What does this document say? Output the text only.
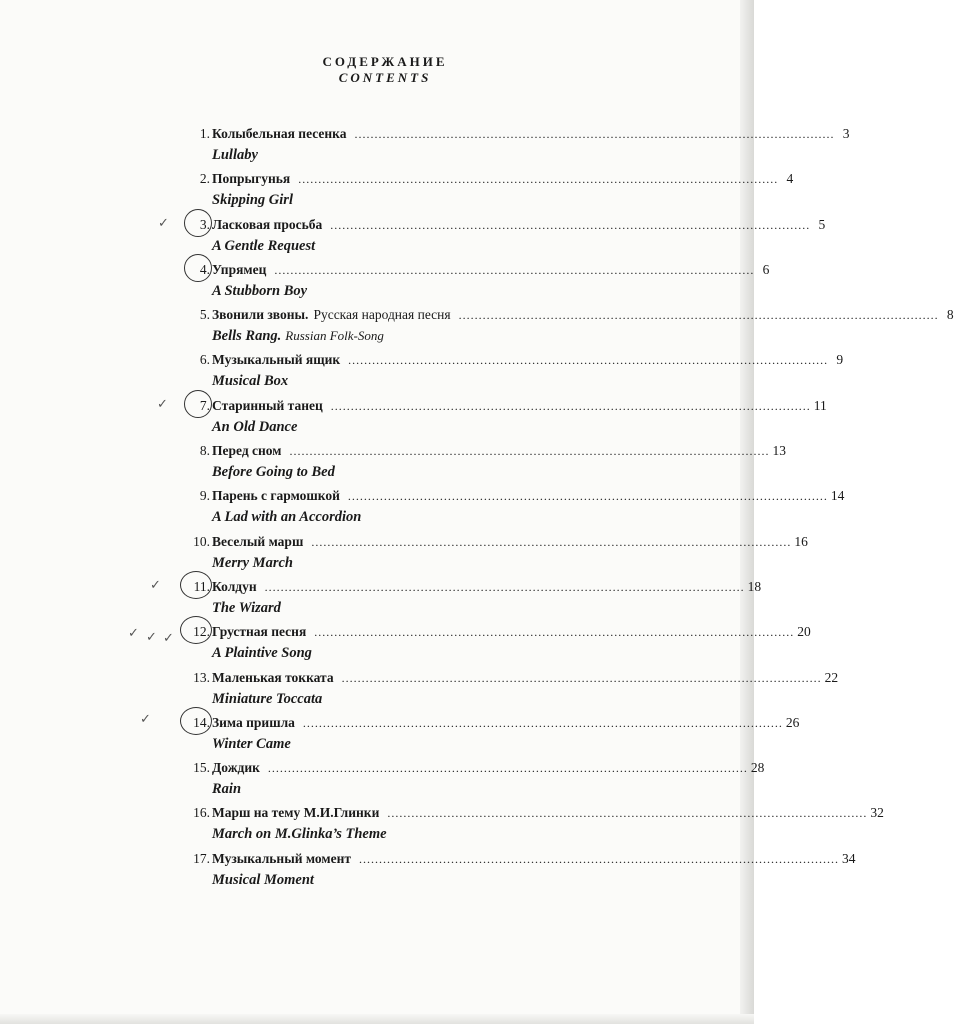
СОДЕРЖАНИЕ
CONTENTS
1. Колыбельная песенка ........................................................................................................................ 3
Lullaby
2. Попрыгунья ........................................................................................................................ 4
Skipping Girl
3. Ласковая просьба ........................................................................................................................ 5
A Gentle Request
4. Упрямец ........................................................................................................................ 6
A Stubborn Boy
5. Звонили звоны. Русская народная песня ........................................................................................................................ 8
Bells Rang. Russian Folk-Song
6. Музыкальный ящик ........................................................................................................................ 9
Musical Box
7. Старинный танец ........................................................................................................................ 11
An Old Dance
8. Перед сном ........................................................................................................................ 13
Before Going to Bed
9. Парень с гармошкой ........................................................................................................................ 14
A Lad with an Accordion
10. Веселый марш ........................................................................................................................ 16
Merry March
11. Колдун ........................................................................................................................ 18
The Wizard
12. Грустная песня ........................................................................................................................ 20
A Plaintive Song
13. Маленькая токката ........................................................................................................................ 22
Miniature Toccata
14. Зима пришла ........................................................................................................................ 26
Winter Came
15. Дождик ........................................................................................................................ 28
Rain
16. Марш на тему М.И.Глинки ........................................................................................................................ 32
March on M.Glinka’s Theme
17. Музыкальный момент ........................................................................................................................ 34
Musical Moment
✓
✓
✓
✓ ✓ ✓
✓
